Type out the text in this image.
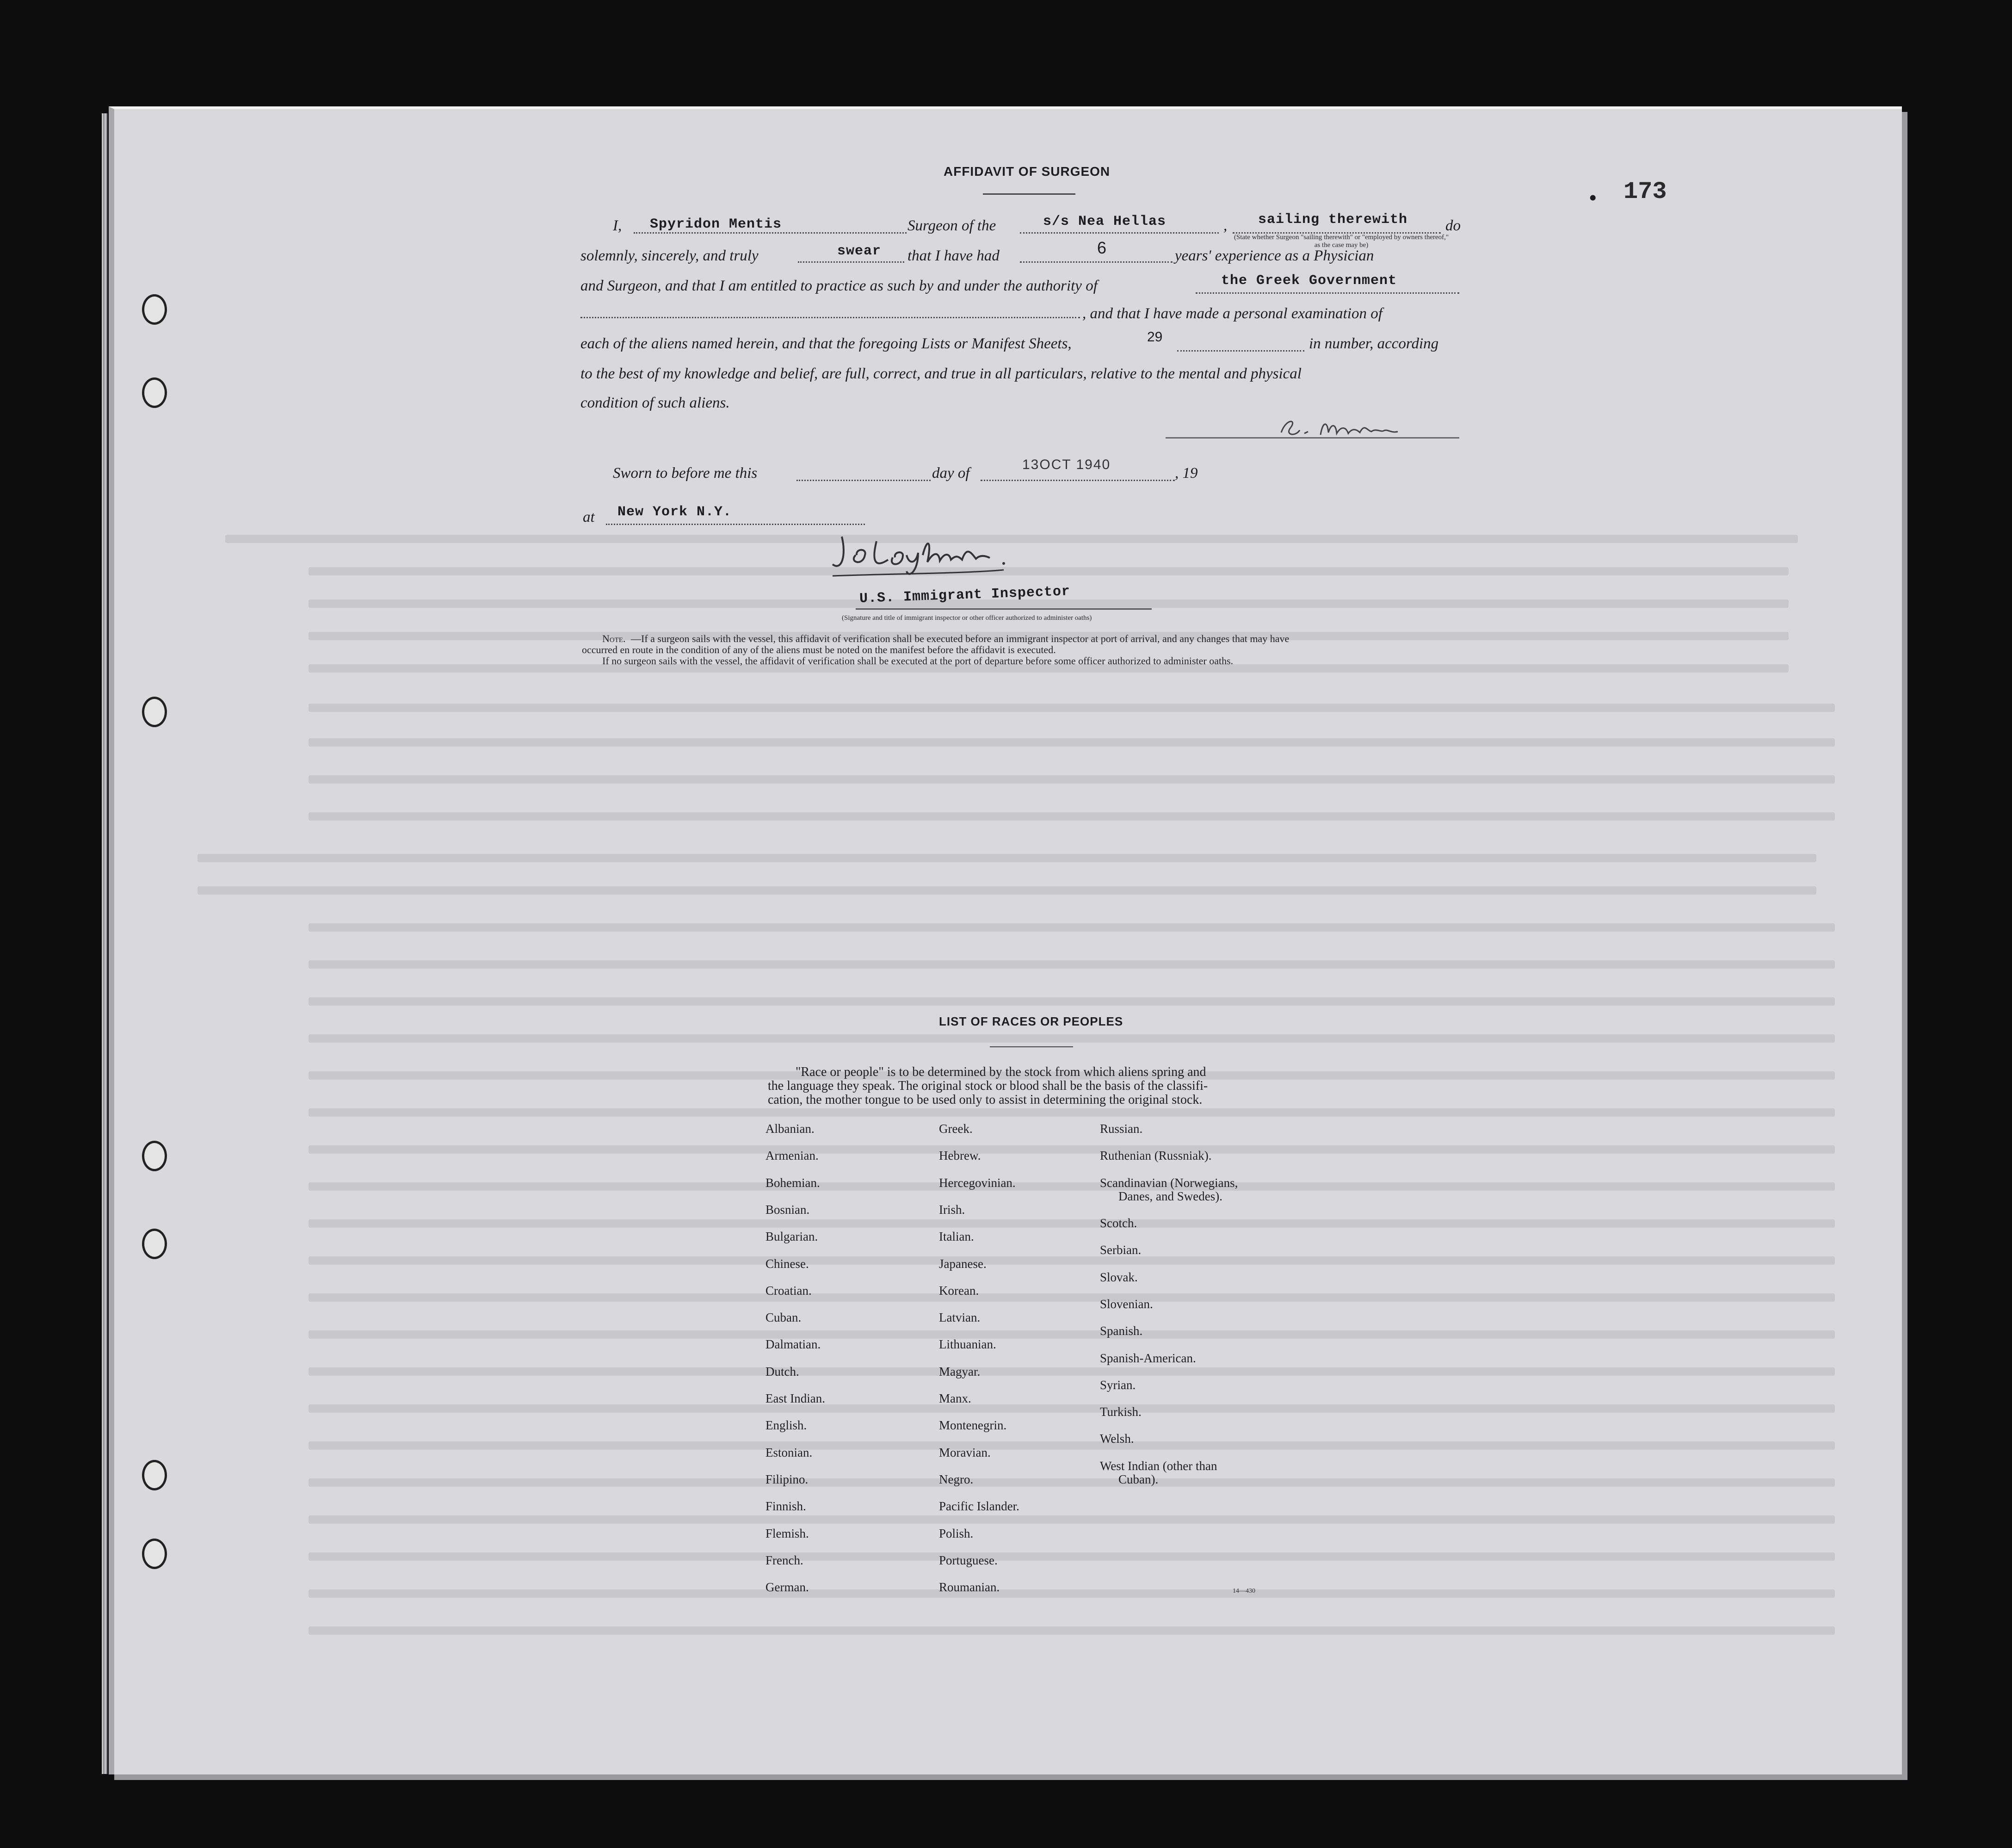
AFFIDAVIT OF SURGEON
173
•
I, Spyridon Mentis	Surgeon of the	s/s Nea Hellas	, sailing therewith
(State whether Surgeon "sailing therewith" or "employed by owners thereof," as the case may be)
do
solemnly, sincerely, and truly	swear that I have had	6	years' experience as a Physician
and Surgeon, and that I am entitled to practice as such by and under the authority of	the Greek Government
, and that I have made a personal examination of
each of the aliens named herein, and that the foregoing Lists or Manifest Sheets,	29	in number, according
to the best of my knowledge and belief, are full, correct, and true in all particulars, relative to the mental and physical
condition of such aliens.
Sworn to before me this	day of
13OCT 1940
, 19
at New York N.Y.
U.S. Immigrant Inspector
(Signature and title of immigrant inspector or other officer authorized to administer oaths)
Note. —If a surgeon sails with the vessel, this affidavit of verification shall be executed before an immigrant inspector at port of arrival, and any changes that may have
occurred en route in the condition of any of the aliens must be noted on the manifest before the affidavit is executed.
If no surgeon sails with the vessel, the affidavit of verification shall be executed at the port of departure before some officer authorized to administer oaths.
LIST OF RACES OR PEOPLES
"Race or people" is to be determined by the stock from which aliens spring and
the language they speak. The original stock or blood shall be the basis of the classifi-
cation, the mother tongue to be used only to assist in determining the original stock.
Albanian.
Armenian.
Bohemian.
Bosnian.
Bulgarian.
Chinese.
Croatian.
Cuban.
Dalmatian.
Dutch.
East Indian.
English.
Estonian.
Filipino.
Finnish.
Flemish.
French.
German.
Greek.
Hebrew.
Hercegovinian.
Irish.
Italian.
Japanese.
Korean.
Latvian.
Lithuanian.
Magyar.
Manx.
Montenegrin.
Moravian.
Negro.
Pacific Islander.
Polish.
Portuguese.
Roumanian.
Russian.
Ruthenian (Russniak).
Scandinavian (Norwegians,
Danes, and Swedes).
Scotch.
Serbian.
Slovak.
Slovenian.
Spanish.
Spanish-American.
Syrian.
Turkish.
Welsh.
West Indian (other than
Cuban).
14—430
